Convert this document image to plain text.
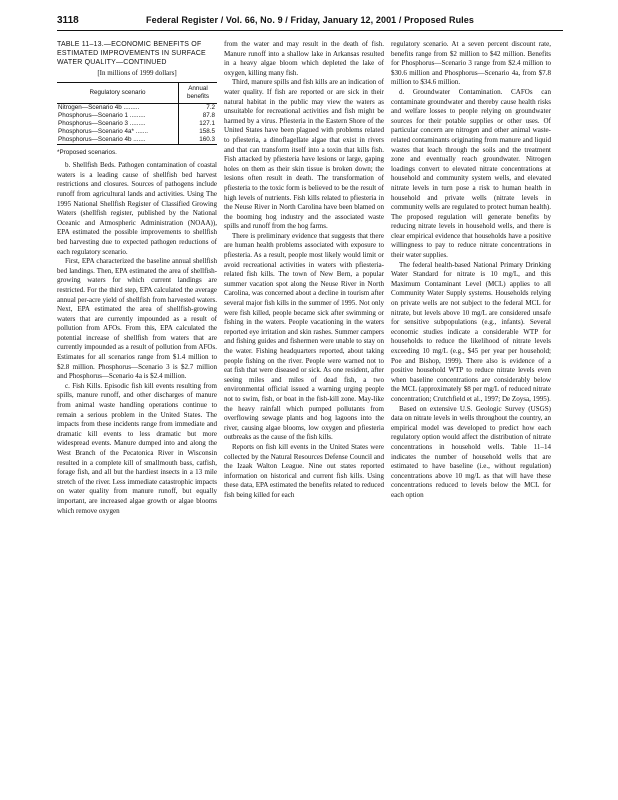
3118	Federal Register / Vol. 66, No. 9 / Friday, January 12, 2001 / Proposed Rules
TABLE 11–13.—ECONOMIC BENEFITS OF ESTIMATED IMPROVEMENTS IN SURFACE WATER QUALITY—CONTINUED
[In millions of 1999 dollars]
Regulatory scenario	Annual benefits
Nitrogen—Scenario 4b .........	7.2
Phosphorus—Scenario 1 .........	87.8
Phosphorus—Scenario 3 .........	127.1
Phosphorus—Scenario 4a* .......	158.5
Phosphorus—Scenario 4b .......	160.3
*Proposed scenarios.

b. Shellfish Beds. Pathogen contamination of coastal waters is a leading cause of shellfish bed harvest restrictions and closures. Sources of pathogens include runoff from agricultural lands and activities. Using The 1995 National Shellfish Register of Classified Growing Waters (shellfish register, published by the National Oceanic and Atmospheric Administration (NOAA)), EPA estimated the possible improvements to shellfish bed harvesting due to expected pathogen reductions of each regulatory scenario.

First, EPA characterized the baseline annual shellfish bed landings. Then, EPA estimated the area of shellfish-growing waters for which current landings are restricted. For the third step, EPA calculated the average annual per-acre yield of shellfish from harvested waters. Next, EPA estimated the area of shellfish-growing waters that are currently impounded as a result of pollution from AFOs. From this, EPA calculated the potential increase of shellfish from waters that are currently impounded as a result of pollution from AFOs. Estimates for all scenarios range from $1.4 million to $2.8 million. Phosphorus—Scenario 3 is $2.7 million and Phosphorus—Scenario 4a is $2.4 million.

c. Fish Kills. Episodic fish kill events resulting from spills, manure runoff, and other discharges of manure from animal waste handling operations continue to remain a serious problem in the United States. The impacts from these incidents range from immediate and dramatic kill events to less dramatic but more widespread events. Manure dumped into and along the West Branch of the Pecatonica River in Wisconsin resulted in a complete kill of smallmouth bass, catfish, forage fish, and all but the hardiest insects in a 13 mile stretch of the river. Less immediate catastrophic impacts on water quality from manure runoff, but equally important, are increased algae growth or algae blooms which remove oxygen

from the water and may result in the death of fish. Manure runoff into a shallow lake in Arkansas resulted in a heavy algae bloom which depleted the lake of oxygen, killing many fish.

Third, manure spills and fish kills are an indication of water quality. If fish are reported or are sick in their natural habitat in the public may view the waters as unsuitable for recreational activities and fish might be harmed by a virus. Pfiesteria in the Eastern Shore of the United States have been plagued with problems related to pfiesteria, a dinoflagellate algae that exist in rivers and that can transform itself into a toxin that kills fish. Fish attacked by pfiesteria have lesions or large, gaping holes on them as their skin tissue is broken down; the lesions often result in death. The transformation of pfiesteria to the toxic form is believed to be the result of high levels of nutrients. Fish kills related to pfiesteria in the Neuse River in North Carolina have been blamed on the booming hog industry and the associated waste spills and runoff from the hog farms.

There is preliminary evidence that suggests that there are human health problems associated with exposure to pfiesteria. As a result, people most likely would limit or avoid recreational activities in waters with pfiesteria-related fish kills. The town of New Bern, a popular summer vacation spot along the Neuse River in North Carolina, was concerned about a decline in tourism after several major fish kills in the summer of 1995. Not only were fish killed, people became sick after swimming or fishing in the waters. People vacationing in the waters reported eye irritation and skin rashes. Summer campers and fishing guides and fishermen were unable to stay on the water. Fishing headquarters reported, about taking people fishing on the river. People were warned not to eat fish that were diseased or sick. As one resident, after seeing miles and miles of dead fish, a two environmental official issued a warning urging people not to swim, fish, or boat in the fish-kill zone. May-like the heavy rainfall which pumped pollutants from overflowing sewage plants and hog lagoons into the river, causing algae blooms, low oxygen and pfiesteria outbreaks as the cause of the fish kills.

Reports on fish kill events in the United States were collected by the Natural Resources Defense Council and the Izaak Walton League. Nine out states reported information on historical and current fish kills. Using these data, EPA estimated the benefits related to reduced fish being killed for each

regulatory scenario. At a seven percent discount rate, benefits range from $2 million to $42 million. Benefits for Phosphorus—Scenario 3 range from $2.4 million to $30.6 million and Phosphorus—Scenario 4a, from $7.8 million to $34.6 million.

d. Groundwater Contamination. CAFOs can contaminate groundwater and thereby cause health risks and welfare losses to people relying on groundwater sources for their potable supplies or other uses. Of particular concern are nitrogen and other animal waste-related contaminants originating from manure and liquid wastes that leach through the soils and the treatment zone and eventually reach groundwater. Nitrogen loadings convert to elevated nitrate concentrations at household and community system wells, and elevated nitrate levels in turn pose a risk to human health in household and private wells (nitrate levels in community wells are regulated to protect human health). The proposed regulation will generate benefits by reducing nitrate levels in household wells, and there is clear empirical evidence that households have a positive willingness to pay to reduce nitrate concentrations in their water supplies.

The federal health-based National Primary Drinking Water Standard for nitrate is 10 mg/L, and this Maximum Contaminant Level (MCL) applies to all Community Water Supply systems. Households relying on private wells are not subject to the federal MCL for nitrate, but levels above 10 mg/L are considered unsafe for sensitive subpopulations (e.g., infants). Several economic studies indicate a considerable WTP for households to reduce the likelihood of nitrate levels exceeding 10 mg/L (e.g., $45 per year per household; Poe and Bishop, 1999). There also is evidence of a positive household WTP to reduce nitrate levels even when baseline concentrations are considerably below the MCL (approximately $8 per mg/L of reduced nitrate concentration; Crutchfield et al., 1997; De Zoysa, 1995).

Based on extensive U.S. Geologic Survey (USGS) data on nitrate levels in wells throughout the country, an empirical model was developed to predict how each regulatory option would affect the distribution of nitrate concentrations in household wells. Table 11–14 indicates the number of household wells that are estimated to have baseline (i.e., without regulation) concentrations above 10 mg/L as that will have these concentrations reduced to levels below the MCL for each option
